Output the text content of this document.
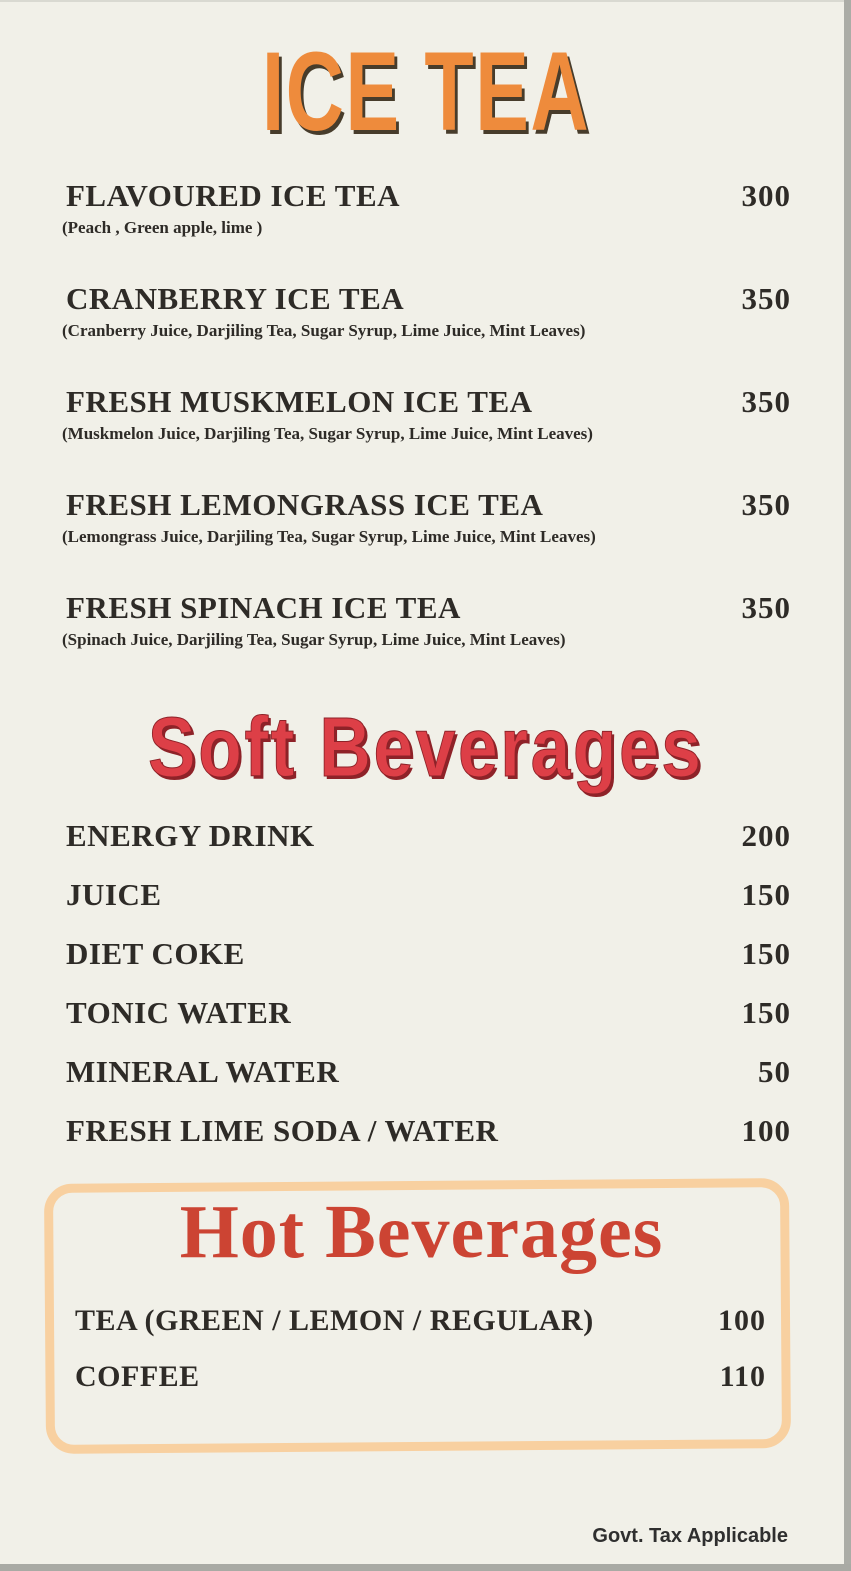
ICE TEA
FLAVOURED ICE TEA	300
(Peach , Green apple, lime )
CRANBERRY ICE TEA	350
(Cranberry Juice, Darjiling Tea, Sugar Syrup, Lime Juice, Mint Leaves)
FRESH MUSKMELON ICE TEA	350
(Muskmelon Juice, Darjiling Tea, Sugar Syrup, Lime Juice, Mint Leaves)
FRESH LEMONGRASS ICE TEA	350
(Lemongrass Juice, Darjiling Tea, Sugar Syrup, Lime Juice, Mint Leaves)
FRESH SPINACH ICE TEA	350
(Spinach Juice, Darjiling Tea, Sugar Syrup, Lime Juice, Mint Leaves)
Soft Beverages
ENERGY DRINK	200
JUICE	150
DIET COKE	150
TONIC WATER	150
MINERAL WATER	50
FRESH LIME SODA / WATER	100
Hot Beverages
TEA (GREEN / LEMON / REGULAR)	100
COFFEE	110
Govt. Tax Applicable
